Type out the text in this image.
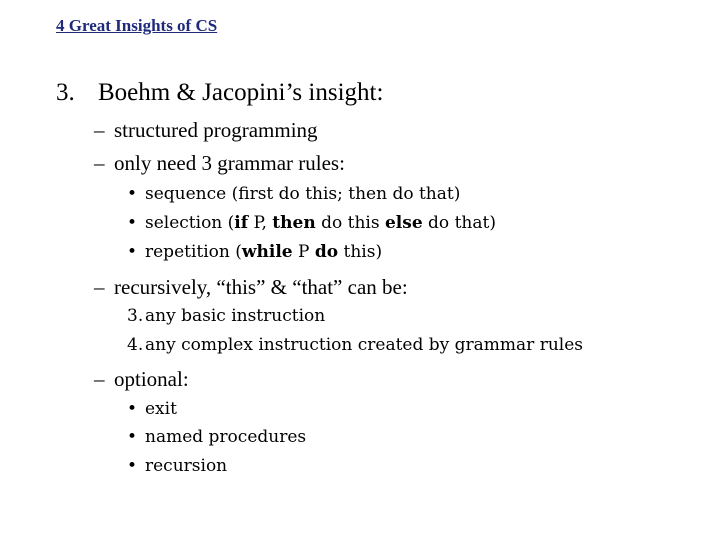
4 Great Insights of CS
3. Boehm & Jacopini’s insight:
– structured programming
– only need 3 grammar rules:
• sequence (first do this; then do that)
• selection (if P, then do this else do that)
• repetition (while P do this)
– recursively, “this” & “that” can be:
3. any basic instruction
4. any complex instruction created by grammar rules
– optional:
• exit
• named procedures
• recursion
